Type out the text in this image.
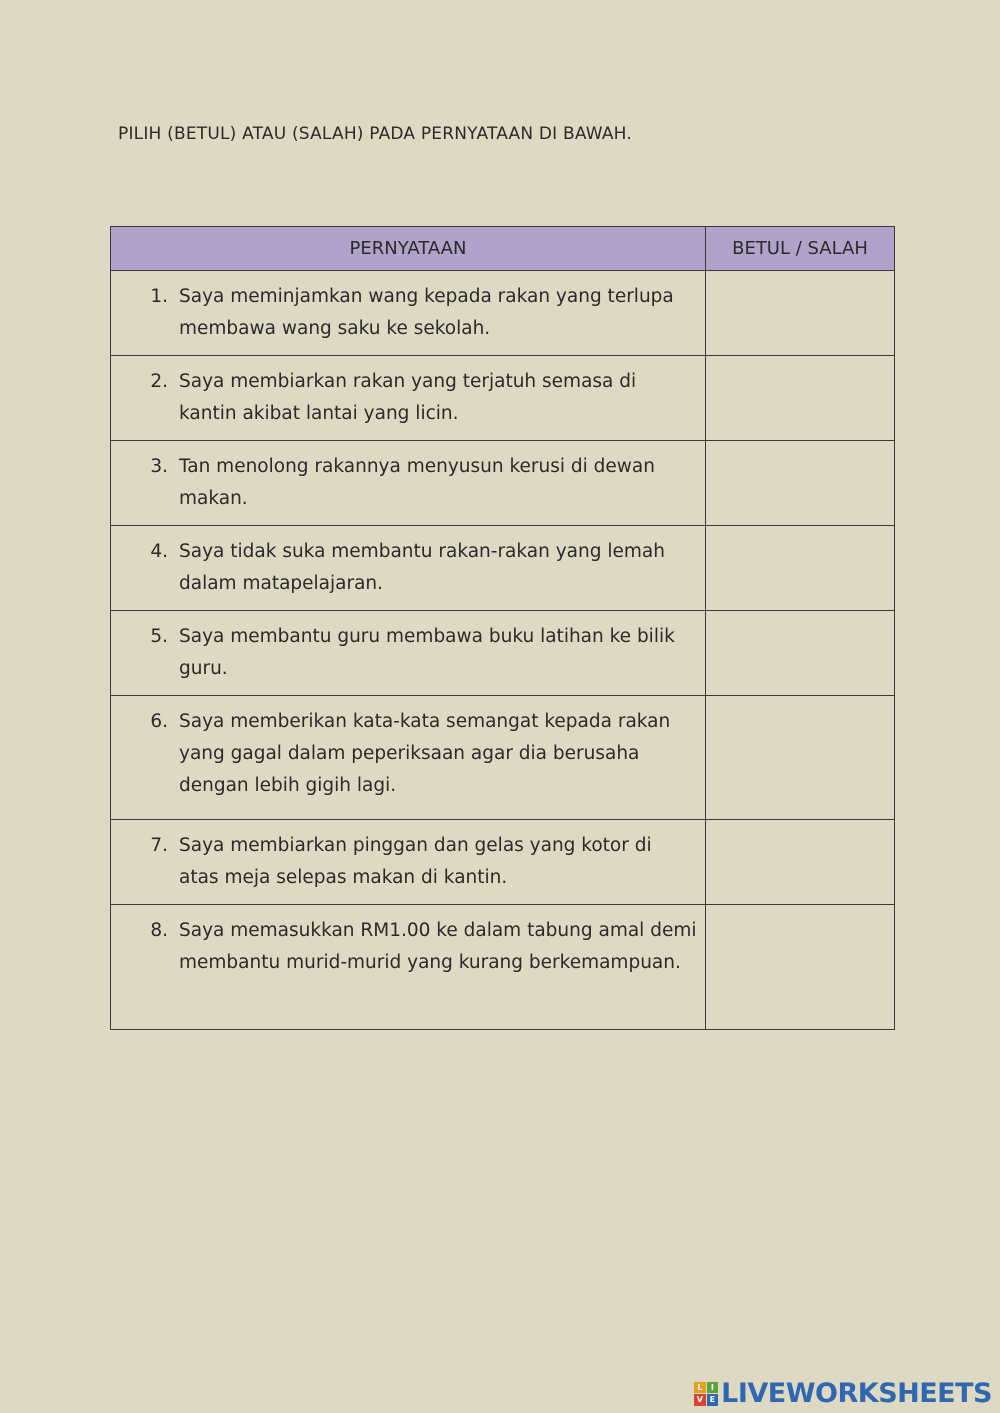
PILIH (BETUL) ATAU (SALAH) PADA PERNYATAAN DI BAWAH.
PERNYATAAN	BETUL / SALAH

1. Saya meminjamkan wang kepada rakan yang terlupa membawa wang saku ke sekolah.	

2. Saya membiarkan rakan yang terjatuh semasa di kantin akibat lantai yang licin.	

3. Tan menolong rakannya menyusun kerusi di dewan makan.	

4. Saya tidak suka membantu rakan-rakan yang lemah dalam matapelajaran.	

5. Saya membantu guru membawa buku latihan ke bilik guru.	

6. Saya memberikan kata-kata semangat kepada rakan yang gagal dalam peperiksaan agar dia berusaha dengan lebih gigih lagi.	

7. Saya membiarkan pinggan dan gelas yang kotor di atas meja selepas makan di kantin.	

8. Saya memasukkan RM1.00 ke dalam tabung amal demi membantu murid-murid yang kurang berkemampuan.	

L	I
V E LIVEWORKSHEETS
